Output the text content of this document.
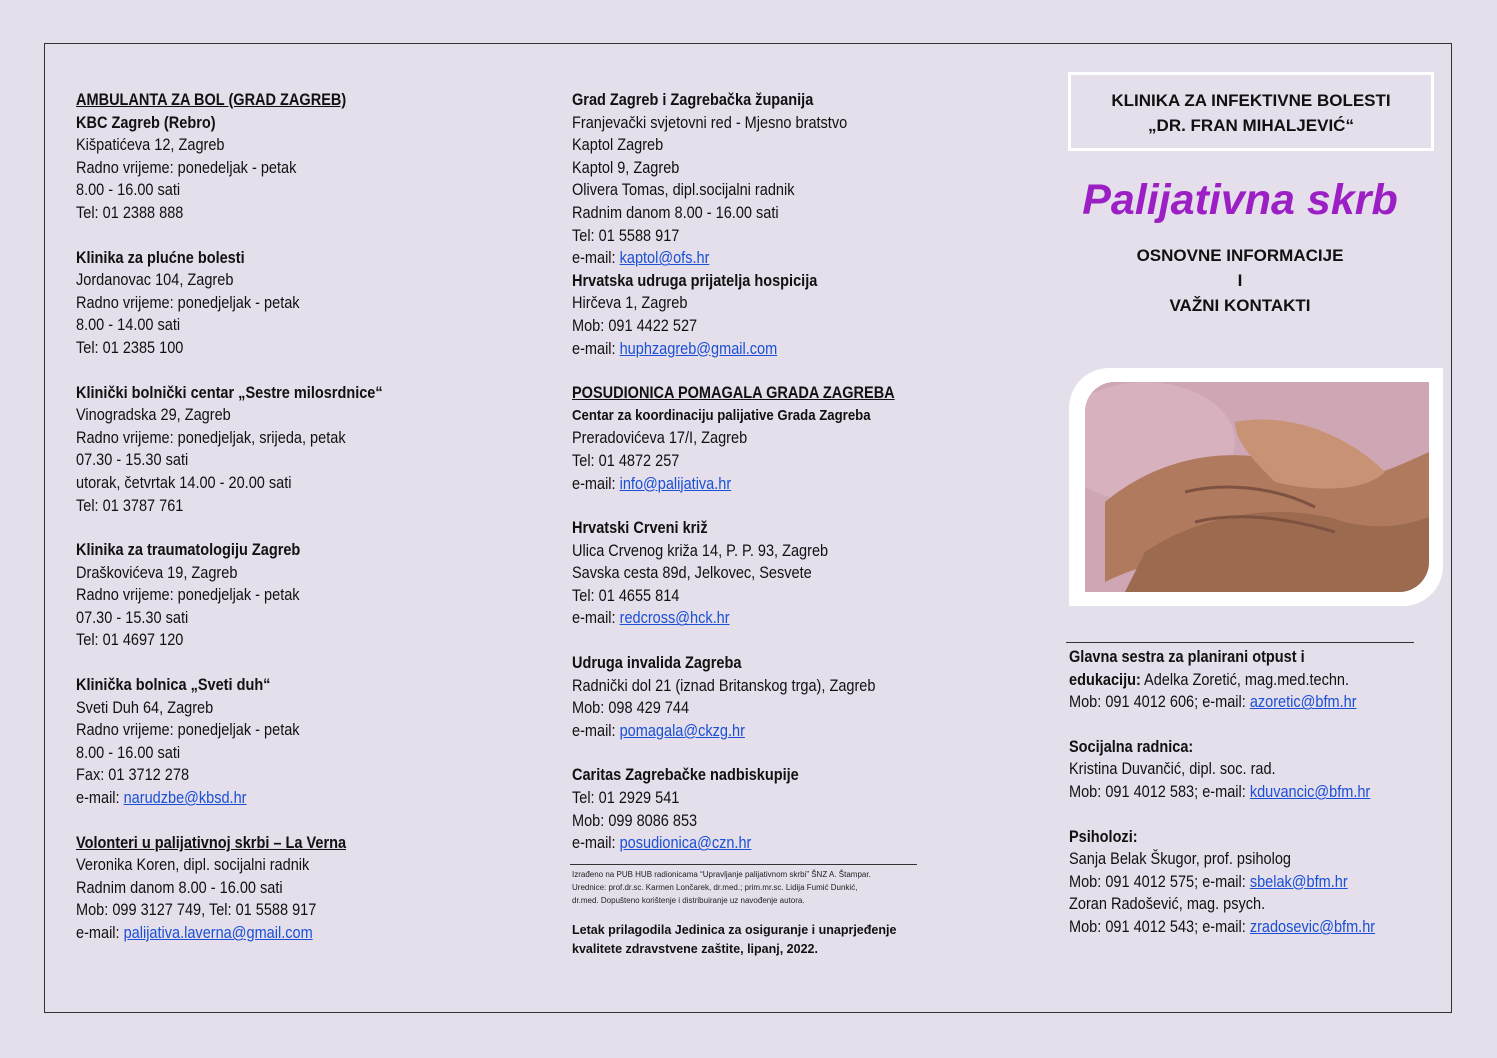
AMBULANTA ZA BOL (GRAD ZAGREB)
KBC Zagreb (Rebro)
Kišpatićeva 12, Zagreb
Radno vrijeme: ponedeljak - petak
8.00 - 16.00 sati
Tel: 01 2388 888
Klinika za plućne bolesti
Jordanovac 104, Zagreb
Radno vrijeme: ponedjeljak - petak
8.00 - 14.00 sati
Tel: 01 2385 100
Klinički bolnički centar „Sestre milosrdnice“
Vinogradska 29, Zagreb
Radno vrijeme: ponedjeljak, srijeda, petak
07.30 - 15.30 sati
utorak, četvrtak 14.00 - 20.00 sati
Tel: 01 3787 761
Klinika za traumatologiju Zagreb
Draškovićeva 19, Zagreb
Radno vrijeme: ponedjeljak - petak
07.30 - 15.30 sati
Tel: 01 4697 120
Klinička bolnica „Sveti duh“
Sveti Duh 64, Zagreb
Radno vrijeme: ponedjeljak - petak
8.00 - 16.00 sati
Fax: 01 3712 278
e-mail: narudzbe@kbsd.hr
Volonteri u palijativnoj skrbi – La Verna
Veronika Koren, dipl. socijalni radnik
Radnim danom 8.00 - 16.00 sati
Mob: 099 3127 749, Tel: 01 5588 917
e-mail: palijativa.laverna@gmail.com
Grad Zagreb i Zagrebačka županija
Franjevački svjetovni red - Mjesno bratstvo
Kaptol Zagreb
Kaptol 9, Zagreb
Olivera Tomas, dipl.socijalni radnik
Radnim danom 8.00 - 16.00 sati
Tel: 01 5588 917
e-mail: kaptol@ofs.hr
Hrvatska udruga prijatelja hospicija
Hirčeva 1, Zagreb
Mob: 091 4422 527
e-mail: huphzagreb@gmail.com
POSUDIONICA POMAGALA GRADA ZAGREBA
Centar za koordinaciju palijative Grada Zagreba
Preradovićeva 17/I, Zagreb
Tel: 01 4872 257
e-mail: info@palijativa.hr
Hrvatski Crveni križ
Ulica Crvenog križa 14, P. P. 93, Zagreb
Savska cesta 89d, Jelkovec, Sesvete
Tel: 01 4655 814
e-mail: redcross@hck.hr
Udruga invalida Zagreba
Radnički dol 21 (iznad Britanskog trga), Zagreb
Mob: 098 429 744
e-mail: pomagala@ckzg.hr
Caritas Zagrebačke nadbiskupije
Tel: 01 2929 541
Mob: 099 8086 853
e-mail: posudionica@czn.hr
Izrađeno na PUB HUB radionicama “Upravljanje palijativnom skrbi” ŠNZ A. Štampar.
Urednice: prof.dr.sc. Karmen Lončarek, dr.med.; prim.mr.sc. Lidija Fumić Dunkić,
dr.med. Dopušteno korištenje i distribuiranje uz navođenje autora.
Letak prilagodila Jedinica za osiguranje i unaprjeđenje
kvalitete zdravstvene zaštite, lipanj, 2022.
KLINIKA ZA INFEKTIVNE BOLESTI
„DR. FRAN MIHALJEVIĆ“
Palijativna skrb
OSNOVNE INFORMACIJE
I
VAŽNI KONTAKTI
Glavna sestra za planirani otpust i
edukaciju: Adelka Zoretić, mag.med.techn.
Mob: 091 4012 606; e-mail: azoretic@bfm.hr
Socijalna radnica:
Kristina Duvančić, dipl. soc. rad.
Mob: 091 4012 583; e-mail: kduvancic@bfm.hr
Psiholozi:
Sanja Belak Škugor, prof. psiholog
Mob: 091 4012 575; e-mail: sbelak@bfm.hr
Zoran Radošević, mag. psych.
Mob: 091 4012 543; e-mail: zradosevic@bfm.hr
